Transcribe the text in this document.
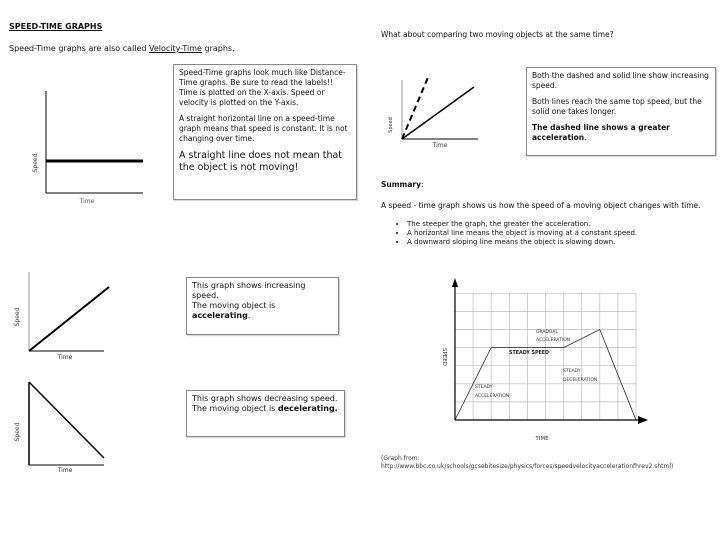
SPEED-TIME GRAPHS
Speed-Time graphs are also called Velocity-Time graphs.
Speed
Time

Speed-Time graphs look much like Distance-Time graphs. Be sure to read the labels!! Time is plotted on the X-axis. Speed or velocity is plotted on the Y-axis.

A straight horizontal line on a speed-time graph means that speed is constant. It is not changing over time.

A straight line does not mean that the object is not moving!

Speed
Time
This graph shows increasing speed.
The moving object is accelerating.
Speed
Time
This graph shows decreasing speed.
The moving object is decelerating.
What about comparing two moving objects at the same time?
Speed
Time

Both the dashed and solid line show increasing speed.

Both lines reach the same top speed, but the solid one takes longer.

The dashed line shows a greater acceleration.

Summary:
A speed - time graph shows us how the speed of a moving object changes with time.
• The steeper the graph, the greater the acceleration.
• A horizontal line means the object is moving at a constant speed.
• A downward sloping line means the object is slowing down.
SPEED
TIME
STEADY
ACCELERATION
STEADY SPEED
GRADUAL
ACCELERATION
STEADY
DECELERATION
(Graph from:
http://www.bbc.co.uk/schools/gcsebitesize/physics/forces/speedvelocityaccelerationfhrev2.shtml)
